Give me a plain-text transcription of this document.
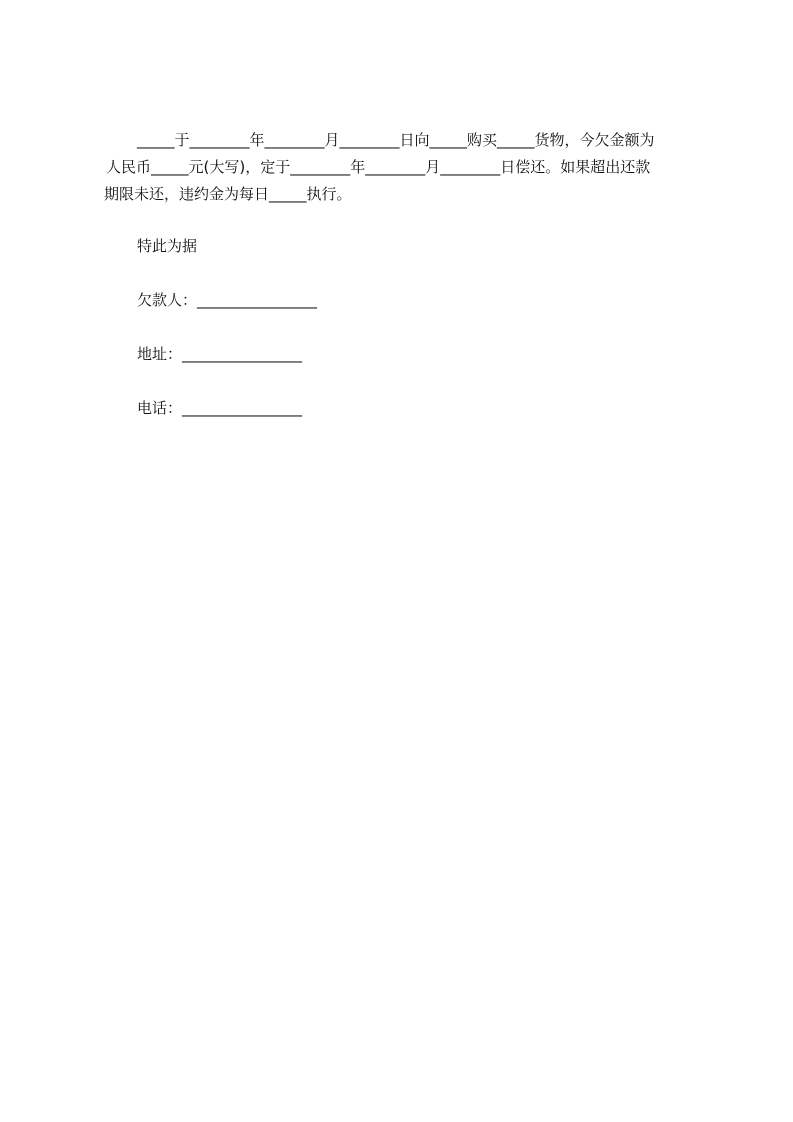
_____于________年________月________日向_____购买_____货物，今欠金额为
人民币_____元(大写)，定于________年________月________日偿还。如果超出还款
期限未还，违约金为每日_____执行。
特此为据
欠款人：________________
地址：________________
电话：________________
